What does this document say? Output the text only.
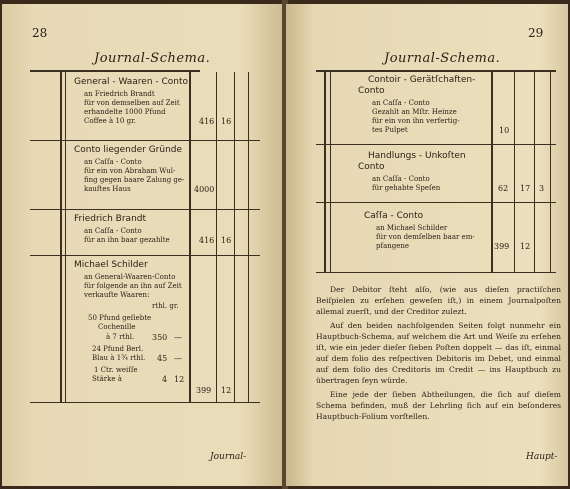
28
Journal-Schema.
General - Waaren - Conto
an Friedrich Brandt
für von demselben auf Zeit
erhandelte 1000 Pfund
Coffee à 10 gr.	416 16
Conto liegender Gründe
an Caſſa - Conto
für ein von Abraham Wul-
fing gegen baare Zalung ge-
kauftes Haus	4000
Friedrich Brandt
an Caſſa - Conto
für an ihn baar gezahlte	416 16
Michael Schilder
an General-Waaren-Conto
für folgende an ihn auf Zeit
verkaufte Waaren:
rthl. gr.
50 Pfund geſiebte
Cochenille
à 7 rthl. 350 —
24 Pfund Berl.
Blau à 1¾ rthl. 45 —
1 Ctr. weiſſe
Stärke à	4 12
399 12
Journal-
29
Journal-Schema.
Contoir - Gerätſchaften-
Conto
an Caſſa - Conto
Gezahlt an Mſtr. Heinze
für ein von ihn verfertig-
tes Pulpet	10
Handlungs - Unkoſten
Conto
an Caſſa - Conto
für gehabte Speſen	62 17 3
Caſſa - Conto
an Michael Schilder
für von demſelben baar em-
pfangene	399 12

Der Debitor ſteht alſo, (wie aus dieſen practiſchen Beiſpielen zu erſehen geweſen iſt,) in einem Journalpoſten allemal zuerſt, und der Creditor zulezt.

Auf den beiden nachfolgenden Seiten folgt nunmehr ein Hauptbuch-Schema, auf welchem die Art und Weiſe zu erſehen iſt, wie ein jeder dieſer ſieben Poſten doppelt — das iſt, einmal auf dem folio des reſpectiven Debitoris im Debet, und einmal auf dem folio des Creditoris im Credit — ins Hauptbuch zu übertragen ſeyn würde.

Eine jede der ſieben Abtheilungen, die ſich auf dieſem Schema befinden, muß der Lehrling ſich auf ein beſonderes Hauptbuch-Folium vorſtellen.

Haupt-
